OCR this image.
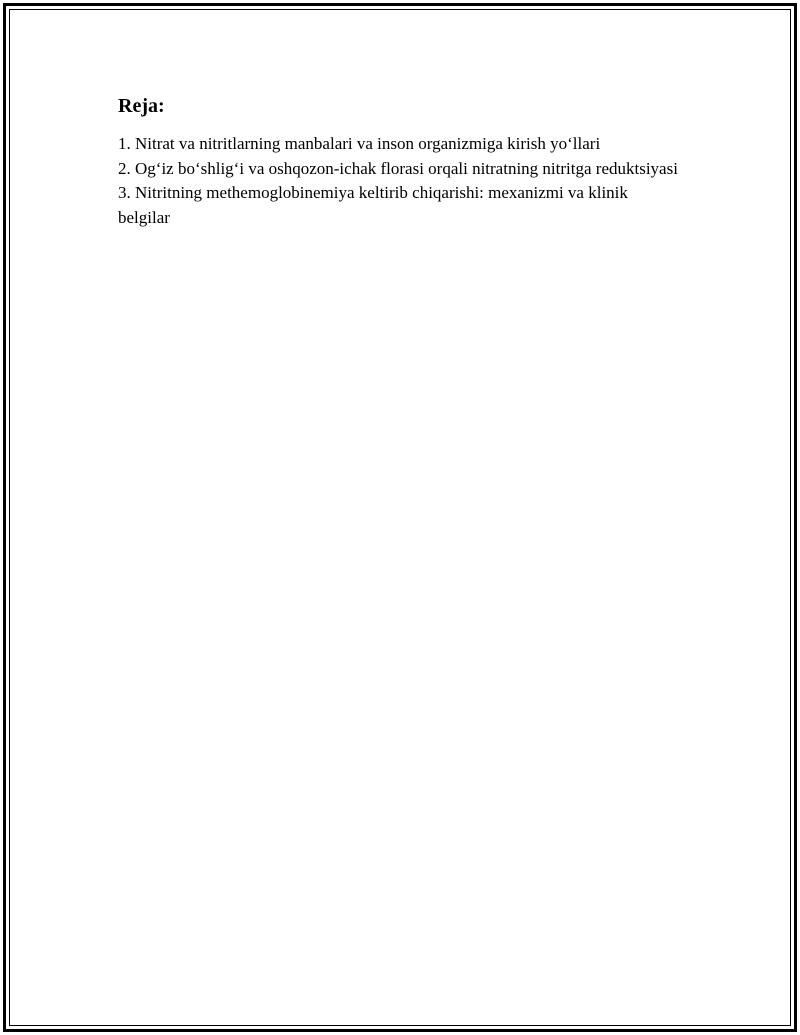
Reja:
1. Nitrat va nitritlarning manbalari va inson organizmiga kirish yo‘llari
2. Og‘iz bo‘shlig‘i va oshqozon-ichak florasi orqali nitratning nitritga reduktsiyasi
3. Nitritning methemoglobinemiya keltirib chiqarishi: mexanizmi va klinik belgilar
